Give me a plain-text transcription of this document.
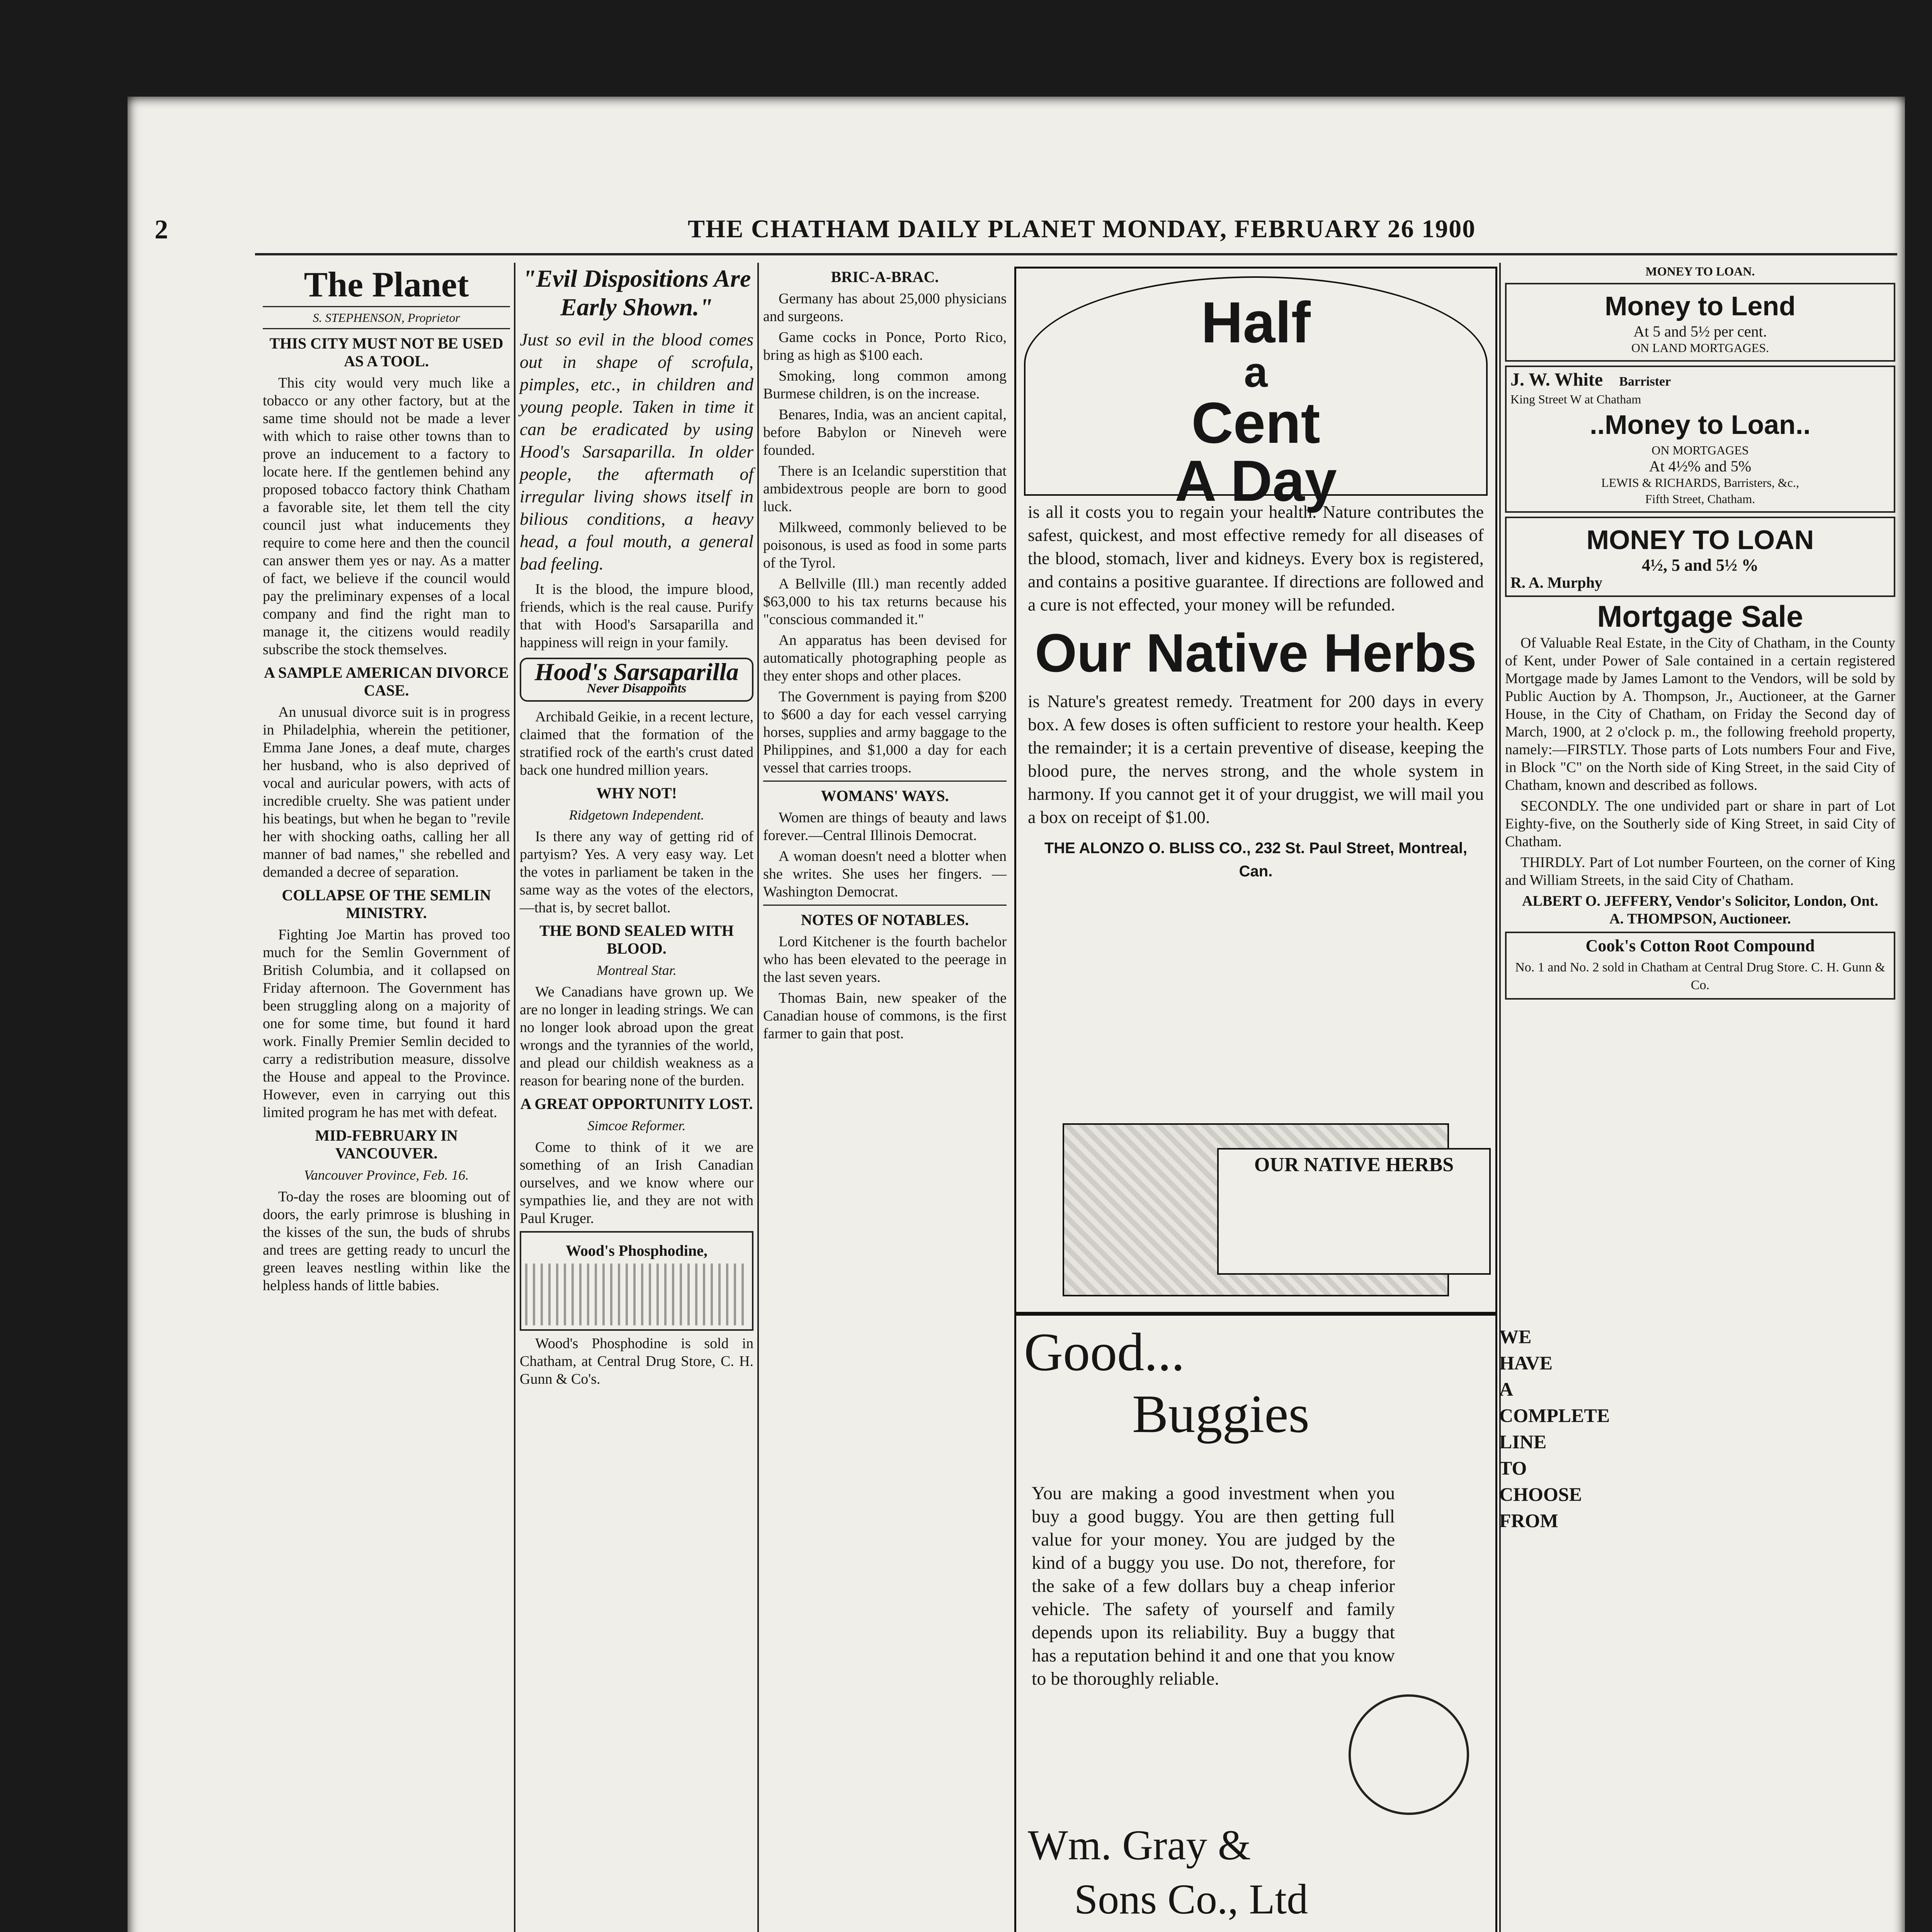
2	THE CHATHAM DAILY PLANET MONDAY, FEBRUARY 26 1900
The Planet
S. STEPHENSON, Proprietor
THIS CITY MUST NOT BE USED AS A TOOL.

This city would very much like a tobacco or any other factory, but at the same time should not be made a lever with which to raise other towns than to prove an inducement to a factory to locate here. If the gentlemen behind any proposed tobacco factory think Chatham a favorable site, let them tell the city council just what inducements they require to come here and then the council can answer them yes or nay. As a matter of fact, we believe if the council would pay the preliminary expenses of a local company and find the right man to manage it, the citizens would readily subscribe the stock themselves.

A SAMPLE AMERICAN DIVORCE CASE.

An unusual divorce suit is in progress in Philadelphia, wherein the petitioner, Emma Jane Jones, a deaf mute, charges her husband, who is also deprived of vocal and auricular powers, with acts of incredible cruelty. She was patient under his beatings, but when he began to "revile her with shocking oaths, calling her all manner of bad names," she rebelled and demanded a decree of separation.

COLLAPSE OF THE SEMLIN MINISTRY.

Fighting Joe Martin has proved too much for the Semlin Government of British Columbia, and it collapsed on Friday afternoon. The Government has been struggling along on a majority of one for some time, but found it hard work. Finally Premier Semlin decided to carry a redistribution measure, dissolve the House and appeal to the Province. However, even in carrying out this limited program he has met with defeat.

MID-FEBRUARY IN VANCOUVER.
Vancouver Province, Feb. 16.

To-day the roses are blooming out of doors, the early primrose is blushing in the kisses of the sun, the buds of shrubs and trees are getting ready to uncurl the green leaves nestling within like the helpless hands of little babies.

"Evil Dispositions Are Early Shown."
Just so evil in the blood comes out in shape of scrofula, pimples, etc., in children and young people. Taken in time it can be eradicated by using Hood's Sarsaparilla. In older people, the aftermath of irregular living shows itself in bilious conditions, a heavy head, a foul mouth, a general bad feeling.

It is the blood, the impure blood, friends, which is the real cause. Purify that with Hood's Sarsaparilla and happiness will reign in your family.

Hood's Sarsaparilla
Never Disappoints

Archibald Geikie, in a recent lecture, claimed that the formation of the stratified rock of the earth's crust dated back one hundred million years.

WHY NOT!
Ridgetown Independent.

Is there any way of getting rid of partyism? Yes. A very easy way. Let the votes in parliament be taken in the same way as the votes of the electors,—that is, by secret ballot.

THE BOND SEALED WITH BLOOD.
Montreal Star.

We Canadians have grown up. We are no longer in leading strings. We can no longer look abroad upon the great wrongs and the tyrannies of the world, and plead our childish weakness as a reason for bearing none of the burden.

A GREAT OPPORTUNITY LOST.
Simcoe Reformer.

Come to think of it we are something of an Irish Canadian ourselves, and we know where our sympathies lie, and they are not with Paul Kruger.

Wood's Phosphodine,

Wood's Phosphodine is sold in Chatham, at Central Drug Store, C. H. Gunn & Co's.

BRIC-A-BRAC.

Germany has about 25,000 physicians and surgeons.

Game cocks in Ponce, Porto Rico, bring as high as $100 each.

Smoking, long common among Burmese children, is on the increase.

Benares, India, was an ancient capital, before Babylon or Nineveh were founded.

There is an Icelandic superstition that ambidextrous people are born to good luck.

Milkweed, commonly believed to be poisonous, is used as food in some parts of the Tyrol.

A Bellville (Ill.) man recently added $63,000 to his tax returns because his "conscious commanded it."

An apparatus has been devised for automatically photographing people as they enter shops and other places.

The Government is paying from $200 to $600 a day for each vessel carrying horses, supplies and army baggage to the Philippines, and $1,000 a day for each vessel that carries troops.

WOMANS' WAYS.

Women are things of beauty and laws forever.—Central Illinois Democrat.

A woman doesn't need a blotter when she writes. She uses her fingers. —Washington Democrat.

NOTES OF NOTABLES.

Lord Kitchener is the fourth bachelor who has been elevated to the peerage in the last seven years.

Thomas Bain, new speaker of the Canadian house of commons, is the first farmer to gain that post.

Half
a
Cent
A Day
is all it costs you to regain your health. Nature contributes the safest, quickest, and most effective remedy for all diseases of the blood, stomach, liver and kidneys. Every box is registered, and contains a positive guarantee. If directions are followed and a cure is not effected, your money will be refunded.
Our Native Herbs
is Nature's greatest remedy. Treatment for 200 days in every box. A few doses is often sufficient to restore your health. Keep the remainder; it is a certain preventive of disease, keeping the blood pure, the nerves strong, and the whole system in harmony. If you cannot get it of your druggist, we will mail you a box on receipt of $1.00.
THE ALONZO O. BLISS CO., 232 St. Paul Street, Montreal, Can.
OUR NATIVE HERBS
Good...
Buggies
WE
HAVE
A
COMPLETE
LINE
TO
CHOOSE
FROM
You are making a good investment when you buy a good buggy. You are then getting full value for your money. You are judged by the kind of a buggy you use. Do not, therefore, for the sake of a few dollars buy a cheap inferior vehicle. The safety of yourself and family depends upon its reliability. Buy a buggy that has a reputation behind it and one that you know to be thoroughly reliable.
Wm. Gray &
Sons Co., Ltd

MONEY TO LOAN.
Money to Lend
At 5 and 5½ per cent.
ON LAND MORTGAGES.
J. W. White Barrister
King Street W at Chatham
..Money to Loan..
ON MORTGAGES
At 4½% and 5%
LEWIS & RICHARDS, Barristers, &c.,
Fifth Street, Chatham.
MONEY TO LOAN
4½, 5 and 5½ %
R. A. Murphy
Mortgage Sale

Of Valuable Real Estate, in the City of Chatham, in the County of Kent, under Power of Sale contained in a certain registered Mortgage made by James Lamont to the Vendors, will be sold by Public Auction by A. Thompson, Jr., Auctioneer, at the Garner House, in the City of Chatham, on Friday the Second day of March, 1900, at 2 o'clock p. m., the following freehold property, namely:—FIRSTLY. Those parts of Lots numbers Four and Five, in Block "C" on the North side of King Street, in the said City of Chatham, known and described as follows.

SECONDLY. The one undivided part or share in part of Lot Eighty-five, on the Southerly side of King Street, in said City of Chatham.

THIRDLY. Part of Lot number Fourteen, on the corner of King and William Streets, in the said City of Chatham.

ALBERT O. JEFFERY, Vendor's Solicitor, London, Ont.
A. THOMPSON, Auctioneer.
Cook's Cotton Root Compound
No. 1 and No. 2 sold in Chatham at Central Drug Store. C. H. Gunn & Co.
